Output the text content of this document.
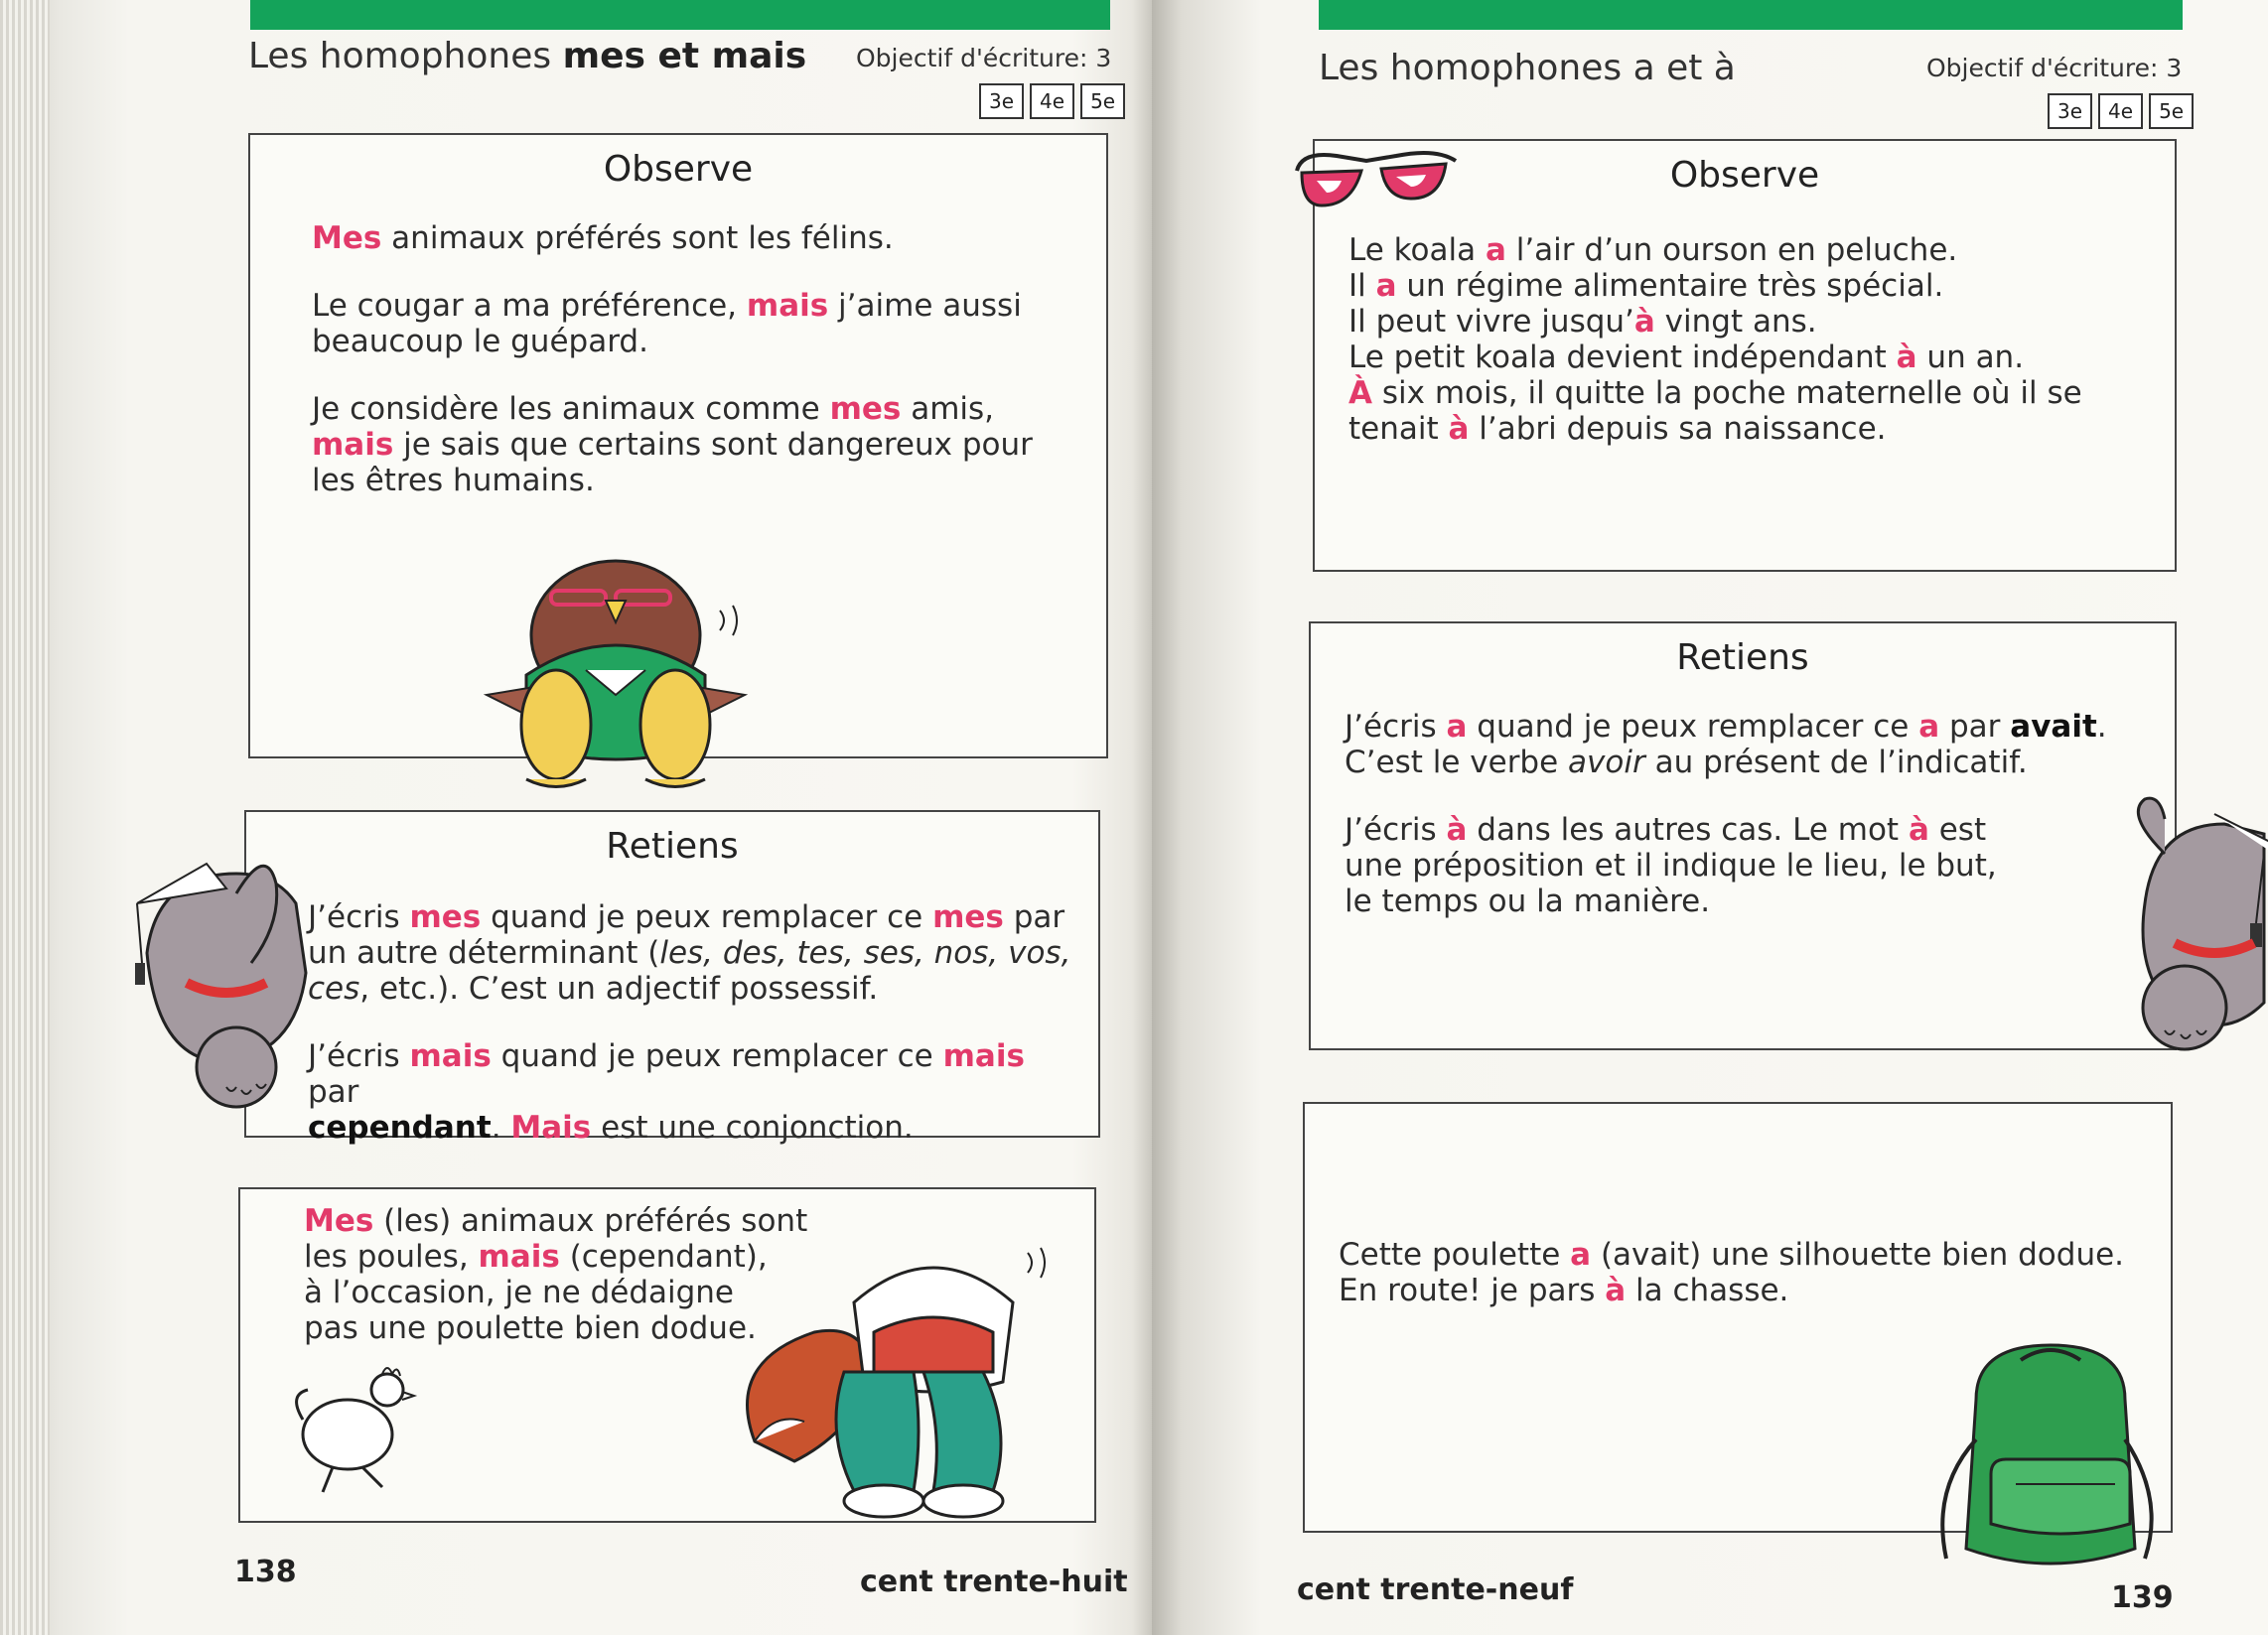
Les homophones mes et mais Objectif d'écriture: 3
3e	4e	5e
Observe

Mes animaux préférés sont les félins.

Le cougar a ma préférence, mais j’aime aussi
beaucoup le guépard.

Je considère les animaux comme mes amis,
mais je sais que certains sont dangereux pour
les êtres humains.

Retiens

J’écris mes quand je peux remplacer ce mes par
un autre déterminant (les, des, tes, ses, nos, vos,
ces, etc.). C’est un adjectif possessif.

J’écris mais quand je peux remplacer ce mais par
cependant. Mais est une conjonction.

Mes (les) animaux préférés sont
les poules, mais (cependant),
à l’occasion, je ne dédaigne
pas une poulette bien dodue.
138	cent trente-huit
Les homophones a et à	Objectif d'écriture: 3
3e	4e	5e
Observe
Le koala a l’air d’un ourson en peluche.
Il a un régime alimentaire très spécial.
Il peut vivre jusqu’à vingt ans.
Le petit koala devient indépendant à un an.
À six mois, il quitte la poche maternelle où il se
tenait à l’abri depuis sa naissance.
Retiens

J’écris a quand je peux remplacer ce a par avait.
C’est le verbe avoir au présent de l’indicatif.

J’écris à dans les autres cas. Le mot à est
une préposition et il indique le lieu, le but,
le temps ou la manière.

Cette poulette a (avait) une silhouette bien dodue.
En route! je pars à la chasse.
cent trente-neuf	139
